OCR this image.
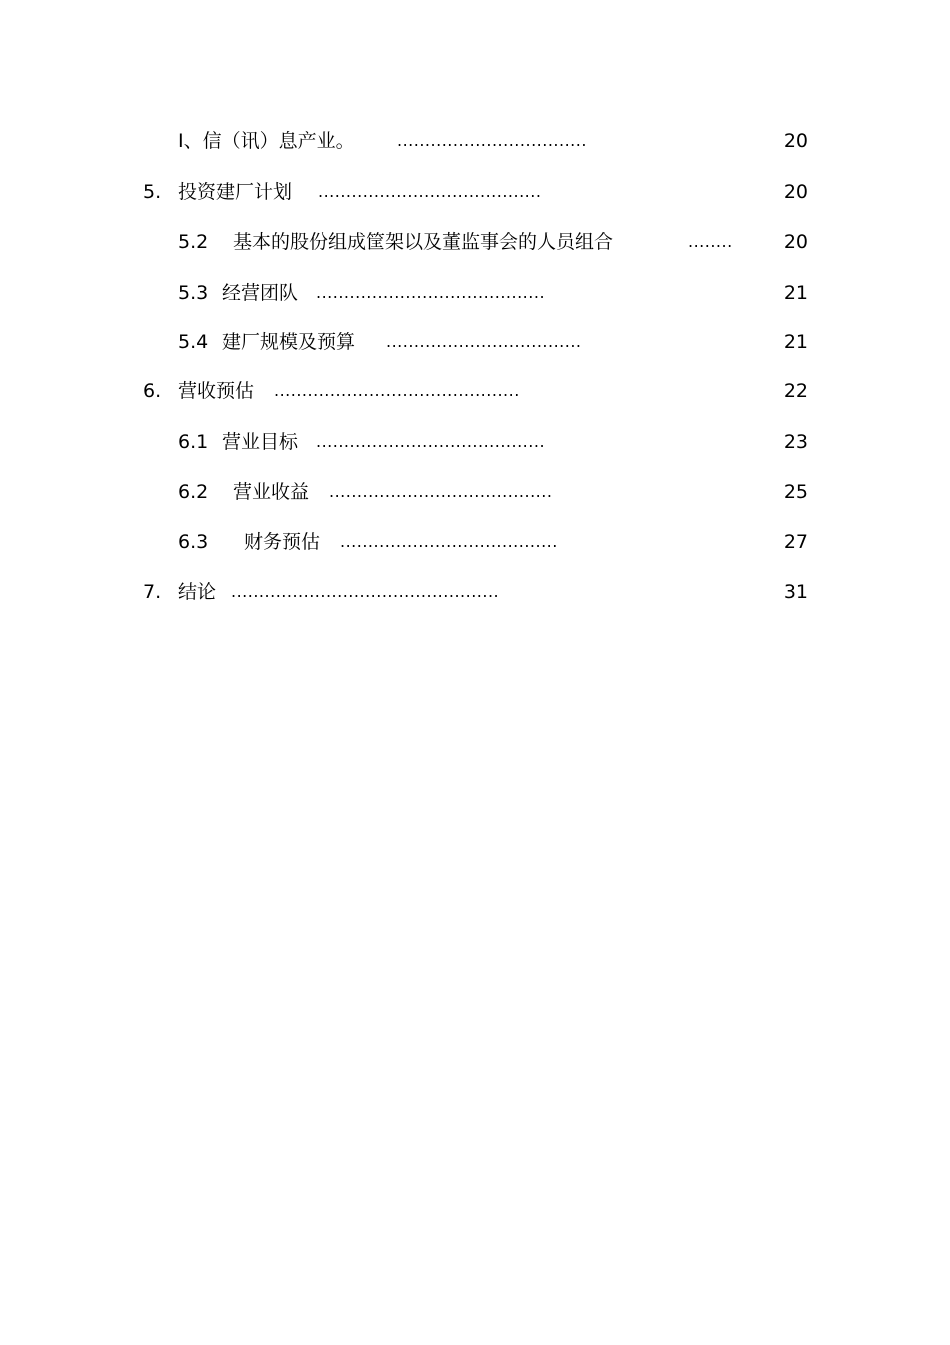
I、信（讯）息产业。	..................................	20
5. 投资建厂计划 ........................................	20
5.2 基本的股份组成筐架以及董监事会的人员组合	........	20
5.3 经营团队 .........................................	21
5.4 建厂规模及预算 ...................................	21
6. 营收预估 ............................................	22
6.1 营业目标 .........................................	23
6.2 营业收益 ........................................	25
6.3 财务预估 .......................................	27
7. 结论 ................................................	31
